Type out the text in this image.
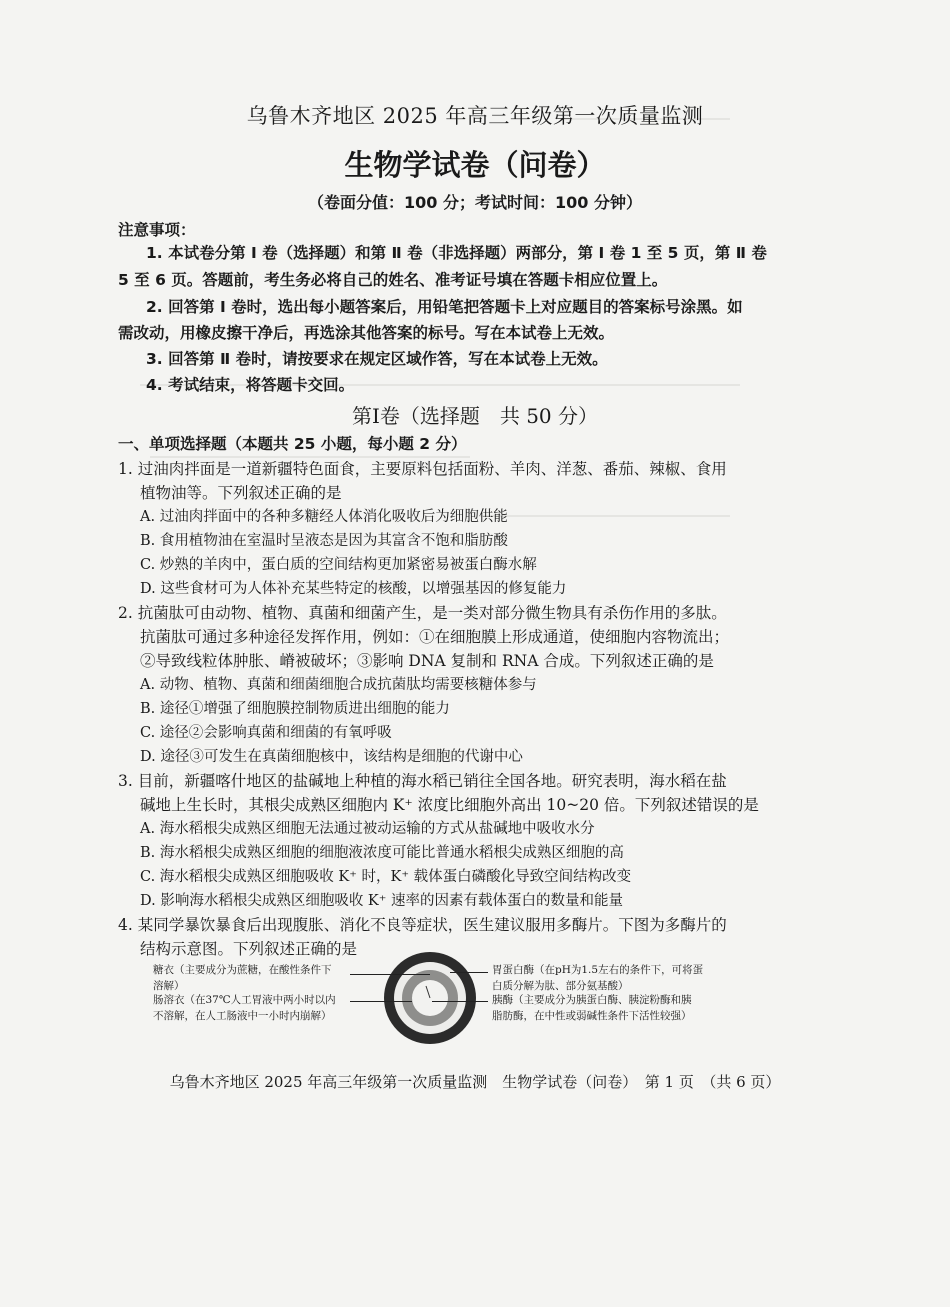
乌鲁木齐地区 2025 年高三年级第一次质量监测
生物学试卷（问卷）
（卷面分值：100 分；考试时间：100 分钟）
注意事项：
1. 本试卷分第 Ⅰ 卷（选择题）和第 Ⅱ 卷（非选择题）两部分，第 Ⅰ 卷 1 至 5 页，第 Ⅱ 卷
5 至 6 页。答题前，考生务必将自己的姓名、准考证号填在答题卡相应位置上。
2. 回答第 Ⅰ 卷时，选出每小题答案后，用铅笔把答题卡上对应题目的答案标号涂黑。如
需改动，用橡皮擦干净后，再选涂其他答案的标号。写在本试卷上无效。
3. 回答第 Ⅱ 卷时，请按要求在规定区域作答，写在本试卷上无效。
4. 考试结束，将答题卡交回。
第Ⅰ卷（选择题　共 50 分）
一、单项选择题（本题共 25 小题，每小题 2 分）
1. 过油肉拌面是一道新疆特色面食，主要原料包括面粉、羊肉、洋葱、番茄、辣椒、食用
植物油等。下列叙述正确的是
A. 过油肉拌面中的各种多糖经人体消化吸收后为细胞供能
B. 食用植物油在室温时呈液态是因为其富含不饱和脂肪酸
C. 炒熟的羊肉中，蛋白质的空间结构更加紧密易被蛋白酶水解
D. 这些食材可为人体补充某些特定的核酸，以增强基因的修复能力
2. 抗菌肽可由动物、植物、真菌和细菌产生，是一类对部分微生物具有杀伤作用的多肽。
抗菌肽可通过多种途径发挥作用，例如：①在细胞膜上形成通道，使细胞内容物流出；
②导致线粒体肿胀、嵴被破坏；③影响 DNA 复制和 RNA 合成。下列叙述正确的是
A. 动物、植物、真菌和细菌细胞合成抗菌肽均需要核糖体参与
B. 途径①增强了细胞膜控制物质进出细胞的能力
C. 途径②会影响真菌和细菌的有氧呼吸
D. 途径③可发生在真菌细胞核中，该结构是细胞的代谢中心
3. 目前，新疆喀什地区的盐碱地上种植的海水稻已销往全国各地。研究表明，海水稻在盐
碱地上生长时，其根尖成熟区细胞内 K⁺ 浓度比细胞外高出 10~20 倍。下列叙述错误的是
A. 海水稻根尖成熟区细胞无法通过被动运输的方式从盐碱地中吸收水分
B. 海水稻根尖成熟区细胞的细胞液浓度可能比普通水稻根尖成熟区细胞的高
C. 海水稻根尖成熟区细胞吸收 K⁺ 时，K⁺ 载体蛋白磷酸化导致空间结构改变
D. 影响海水稻根尖成熟区细胞吸收 K⁺ 速率的因素有载体蛋白的数量和能量
4. 某同学暴饮暴食后出现腹胀、消化不良等症状，医生建议服用多酶片。下图为多酶片的
结构示意图。下列叙述正确的是
糖衣（主要成分为蔗糖，在酸性条件下
溶解）
肠溶衣（在37℃人工胃液中两小时以内
不溶解，在人工肠液中一小时内崩解）
胃蛋白酶（在pH为1.5左右的条件下，可将蛋
白质分解为肽、部分氨基酸）
胰酶（主要成分为胰蛋白酶、胰淀粉酶和胰
脂肪酶，在中性或弱碱性条件下活性较强）
乌鲁木齐地区 2025 年高三年级第一次质量监测　生物学试卷（问卷）　第 1 页　（共 6 页）
